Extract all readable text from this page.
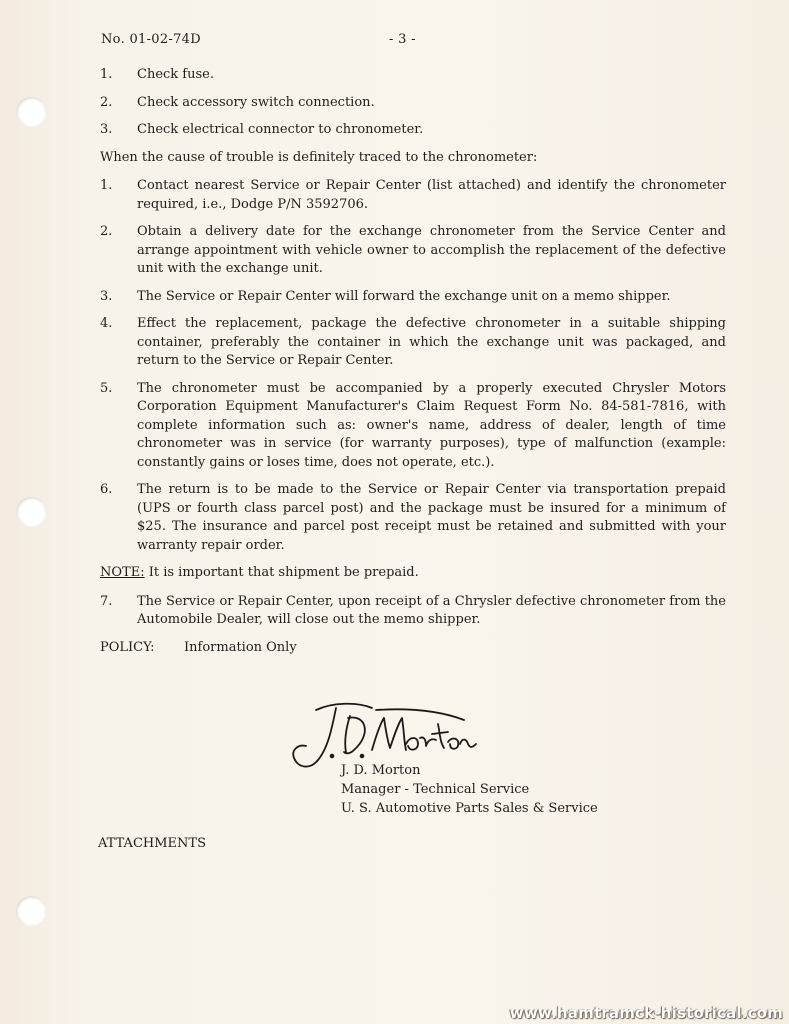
No. 01-02-74D	- 3 -
1.	Check fuse.
2.	Check accessory switch connection.
3.	Check electrical connector to chronometer.
When the cause of trouble is definitely traced to the chronometer:
1.	Contact nearest Service or Repair Center (list attached) and identify the chronometer required, i.e., Dodge P/N 3592706.
2.	Obtain a delivery date for the exchange chronometer from the Service Center and arrange appointment with vehicle owner to accomplish the replacement of the defective unit with the exchange unit.
3.	The Service or Repair Center will forward the exchange unit on a memo shipper.
4.	Effect the replacement, package the defective chronometer in a suitable shipping container, preferably the container in which the exchange unit was packaged, and return to the Service or Repair Center.
5.	The chronometer must be accompanied by a properly executed Chrysler Motors Corporation Equipment Manufacturer's Claim Request Form No. 84-581-7816, with complete information such as: owner's name, address of dealer, length of time chronometer was in service (for warranty purposes), type of malfunction (example: constantly gains or loses time, does not operate, etc.).
6.	The return is to be made to the Service or Repair Center via transportation prepaid (UPS or fourth class parcel post) and the package must be insured for a minimum of $25. The insurance and parcel post receipt must be retained and submitted with your warranty repair order.
NOTE: It is important that shipment be prepaid.
7.	The Service or Repair Center, upon receipt of a Chrysler defective chronometer from the Automobile Dealer, will close out the memo shipper.
POLICY:	Information Only
J. D. Morton
Manager - Technical Service
U. S. Automotive Parts Sales & Service
ATTACHMENTS
www.hamtramck-historical.com
